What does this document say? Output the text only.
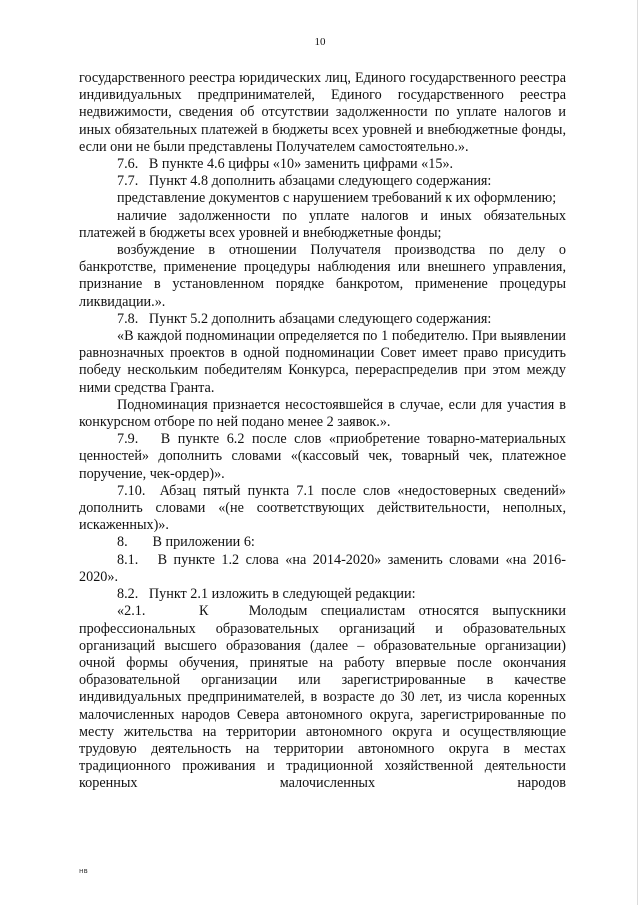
10

государственного реестра юридических лиц, Единого государственного реестра индивидуальных предпринимателей, Единого государственного реестра недвижимости, сведения об отсутствии задолженности по уплате налогов и иных обязательных платежей в бюджеты всех уровней и внебюджетные фонды, если они не были представлены Получателем самостоятельно.».

7.6.   В пункте 4.6 цифры «10» заменить цифрами «15».

7.7.   Пункт 4.8 дополнить абзацами следующего содержания:

представление документов с нарушением требований к их оформлению;

наличие задолженности по уплате налогов и иных обязательных платежей в бюджеты всех уровней и внебюджетные фонды;

возбуждение в отношении Получателя производства по делу о банкротстве, применение процедуры наблюдения или внешнего управления, признание в установленном порядке банкротом, применение процедуры ликвидации.».

7.8.   Пункт 5.2 дополнить абзацами следующего содержания:

«В каждой подноминации определяется по 1 победителю. При выявлении равнозначных проектов в одной подноминации Совет имеет право присудить победу нескольким победителям Конкурса, перераспределив при этом между ними средства Гранта.

Подноминация признается несостоявшейся в случае, если для участия в конкурсном отборе по ней подано менее 2 заявок.».

7.9.   В пункте 6.2 после слов «приобретение товарно-материальных ценностей» дополнить словами «(кассовый чек, товарный чек, платежное поручение, чек-ордер)».

7.10.  Абзац пятый пункта 7.1 после слов «недостоверных сведений» дополнить словами «(не соответствующих действительности, неполных, искаженных)».

8.       В приложении 6:

8.1.   В пункте 1.2 слова «на 2014-2020» заменить словами «на 2016-2020».

8.2.   Пункт 2.1 изложить в следующей редакции:

«2.1.    К   Молодым специалистам относятся выпускники профессиональных образовательных организаций и образовательных организаций высшего образования (далее – образовательные организации) очной формы обучения, принятые на работу впервые после окончания образовательной организации или зарегистрированные в качестве индивидуальных предпринимателей, в возрасте до 30 лет, из числа коренных малочисленных народов Севера автономного округа, зарегистрированные по месту жительства на территории автономного округа и осуществляющие трудовую деятельность на территории автономного округа в местах традиционного проживания и традиционной хозяйственной деятельности коренных малочисленных народов

нв
